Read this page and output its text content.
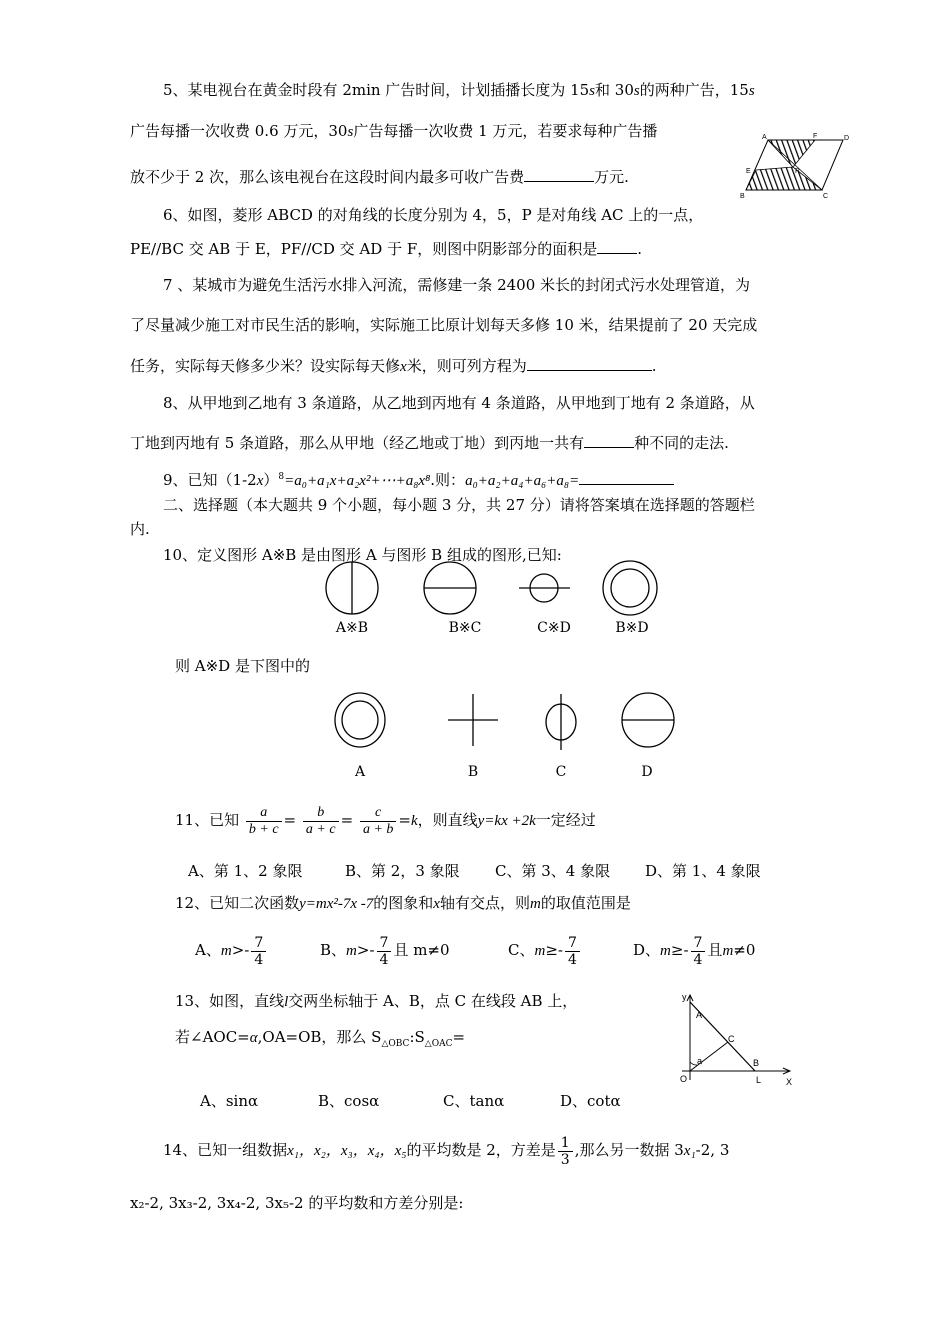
5、某电视台在黄金时段有 2min 广告时间，计划插播长度为 15s和 30s的两种广告，15s
广告每播一次收费 0.6 万元，30s广告每播一次收费 1 万元，若要求每种广告播
放不少于 2 次，那么该电视台在这段时间内最多可收广告费	万元.
A	F	D
E	P
B	C
6、如图，菱形 ABCD 的对角线的长度分别为 4，5，P 是对角线 AC 上的一点，
PE//BC 交 AB 于 E，PF//CD 交 AD 于 F，则图中阴影部分的面积是	.
7 、某城市为避免生活污水排入河流，需修建一条 2400 米长的封闭式污水处理管道，为
了尽量减少施工对市民生活的影响，实际施工比原计划每天多修 10 米，结果提前了 20 天完成
任务，实际每天修多少米？设实际每天修x米，则可列方程为	.
8、从甲地到乙地有 3 条道路，从乙地到丙地有 4 条道路，从甲地到丁地有 2 条道路，从
丁地到丙地有 5 条道路，那么从甲地（经乙地或丁地）到丙地一共有	种不同的走法.
9、已知$(1-2x)^8=a_0+a_1x+a_2x^2+\cdots+a_8x^8$.则：a₀+a₂+a₄+a₆+a₈=
二、选择题（本大题共 9 个小题，每小题 3 分，共 27 分）请将答案填在选择题的答题栏
内.
10、定义图形 A※B 是由图形 A 与图形 B 组成的图形,已知:
A※B	B※C	C※D	B※D
则 A※D 是下图中的
A	B	C	D
11、已知 $\frac{a}{b + c} = \frac{b}{a + c} = \frac{c}{a + b} =k$，则直线y=kx +2k一定经过
A、第 1、2 象限	B、第 2，3 象限 C、第 3、4 象限 D、第 1、4 象限
12、已知二次函数y=mx²-7x -7的图象和x轴有交点，则m的取值范围是
A、$m>- \frac{7}{4}$	B、$m>- \frac{7}{4}$ 且 m≠0	C、$m\ge- \frac{7}{4}$	D、$m\ge- \frac{7}{4}$ 且m≠0
13、如图，直线l交两坐标轴于 A、B，点 C 在线段 AB 上，
若∠AOC=α,OA=OB，那么 $S_{\triangle OBC}:S_{\triangle OAC}=$
y
A
C
a
O
B
L	X
A、sinα	B、cosα	C、tanα	D、cotα
14、已知一组数据x₁，x₂，x₃，x₄，x₅的平均数是 2，方差是 $\frac{1}{3}$ ,那么另一数据 3x₁-2, 3
x₂-2, 3x₃-2, 3x₄-2, 3x₅-2 的平均数和方差分别是:
